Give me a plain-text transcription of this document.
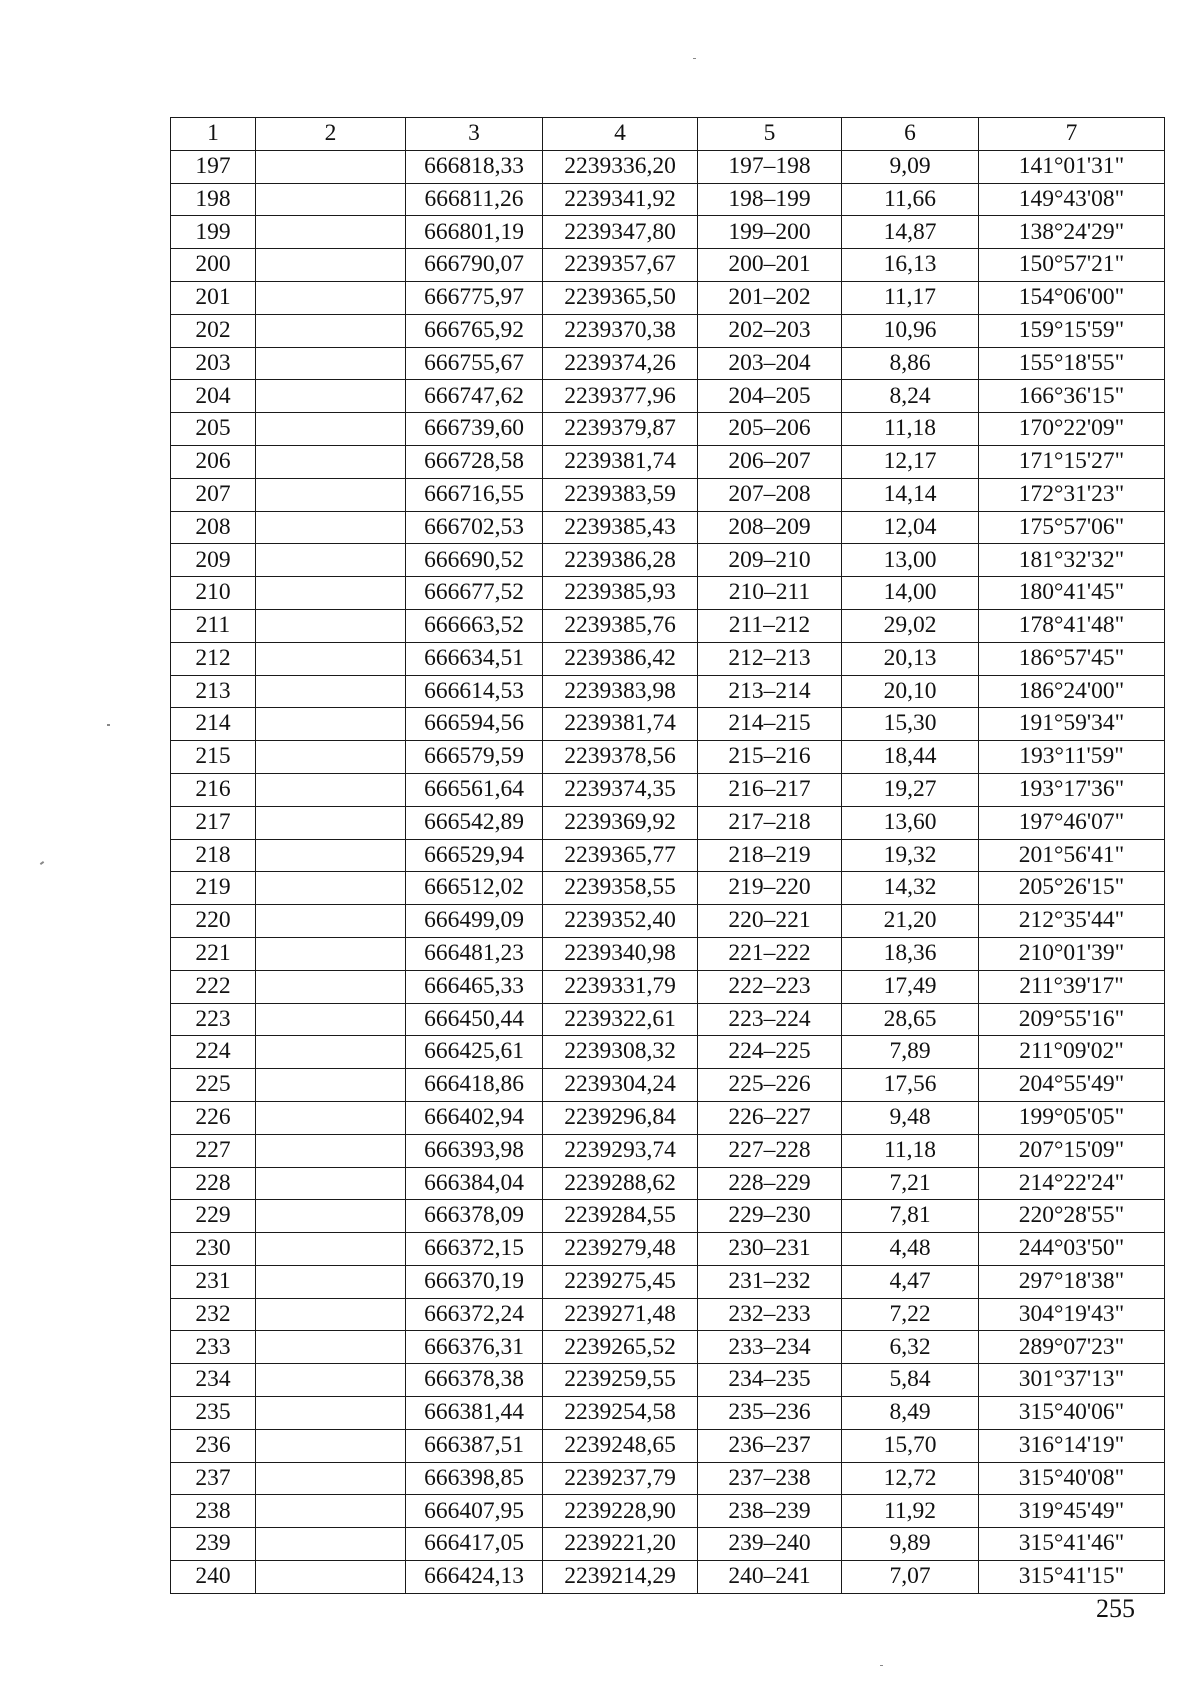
1	2	3	4	5	6	7
197		666818,33	2239336,20	197–198	9,09	141°01'31"
198		666811,26	2239341,92	198–199	11,66	149°43'08"
199		666801,19	2239347,80	199–200	14,87	138°24'29"
200		666790,07	2239357,67	200–201	16,13	150°57'21"
201		666775,97	2239365,50	201–202	11,17	154°06'00"
202		666765,92	2239370,38	202–203	10,96	159°15'59"
203		666755,67	2239374,26	203–204	8,86	155°18'55"
204		666747,62	2239377,96	204–205	8,24	166°36'15"
205		666739,60	2239379,87	205–206	11,18	170°22'09"
206		666728,58	2239381,74	206–207	12,17	171°15'27"
207		666716,55	2239383,59	207–208	14,14	172°31'23"
208		666702,53	2239385,43	208–209	12,04	175°57'06"
209		666690,52	2239386,28	209–210	13,00	181°32'32"
210		666677,52	2239385,93	210–211	14,00	180°41'45"
211		666663,52	2239385,76	211–212	29,02	178°41'48"
212		666634,51	2239386,42	212–213	20,13	186°57'45"
213		666614,53	2239383,98	213–214	20,10	186°24'00"
214		666594,56	2239381,74	214–215	15,30	191°59'34"
215		666579,59	2239378,56	215–216	18,44	193°11'59"
216		666561,64	2239374,35	216–217	19,27	193°17'36"
217		666542,89	2239369,92	217–218	13,60	197°46'07"
218		666529,94	2239365,77	218–219	19,32	201°56'41"
219		666512,02	2239358,55	219–220	14,32	205°26'15"
220		666499,09	2239352,40	220–221	21,20	212°35'44"
221		666481,23	2239340,98	221–222	18,36	210°01'39"
222		666465,33	2239331,79	222–223	17,49	211°39'17"
223		666450,44	2239322,61	223–224	28,65	209°55'16"
224		666425,61	2239308,32	224–225	7,89	211°09'02"
225		666418,86	2239304,24	225–226	17,56	204°55'49"
226		666402,94	2239296,84	226–227	9,48	199°05'05"
227		666393,98	2239293,74	227–228	11,18	207°15'09"
228		666384,04	2239288,62	228–229	7,21	214°22'24"
229		666378,09	2239284,55	229–230	7,81	220°28'55"
230		666372,15	2239279,48	230–231	4,48	244°03'50"
231		666370,19	2239275,45	231–232	4,47	297°18'38"
232		666372,24	2239271,48	232–233	7,22	304°19'43"
233		666376,31	2239265,52	233–234	6,32	289°07'23"
234		666378,38	2239259,55	234–235	5,84	301°37'13"
235		666381,44	2239254,58	235–236	8,49	315°40'06"
236		666387,51	2239248,65	236–237	15,70	316°14'19"
237		666398,85	2239237,79	237–238	12,72	315°40'08"
238		666407,95	2239228,90	238–239	11,92	319°45'49"
239		666417,05	2239221,20	239–240	9,89	315°41'46"
240		666424,13	2239214,29	240–241	7,07	315°41'15"
255
